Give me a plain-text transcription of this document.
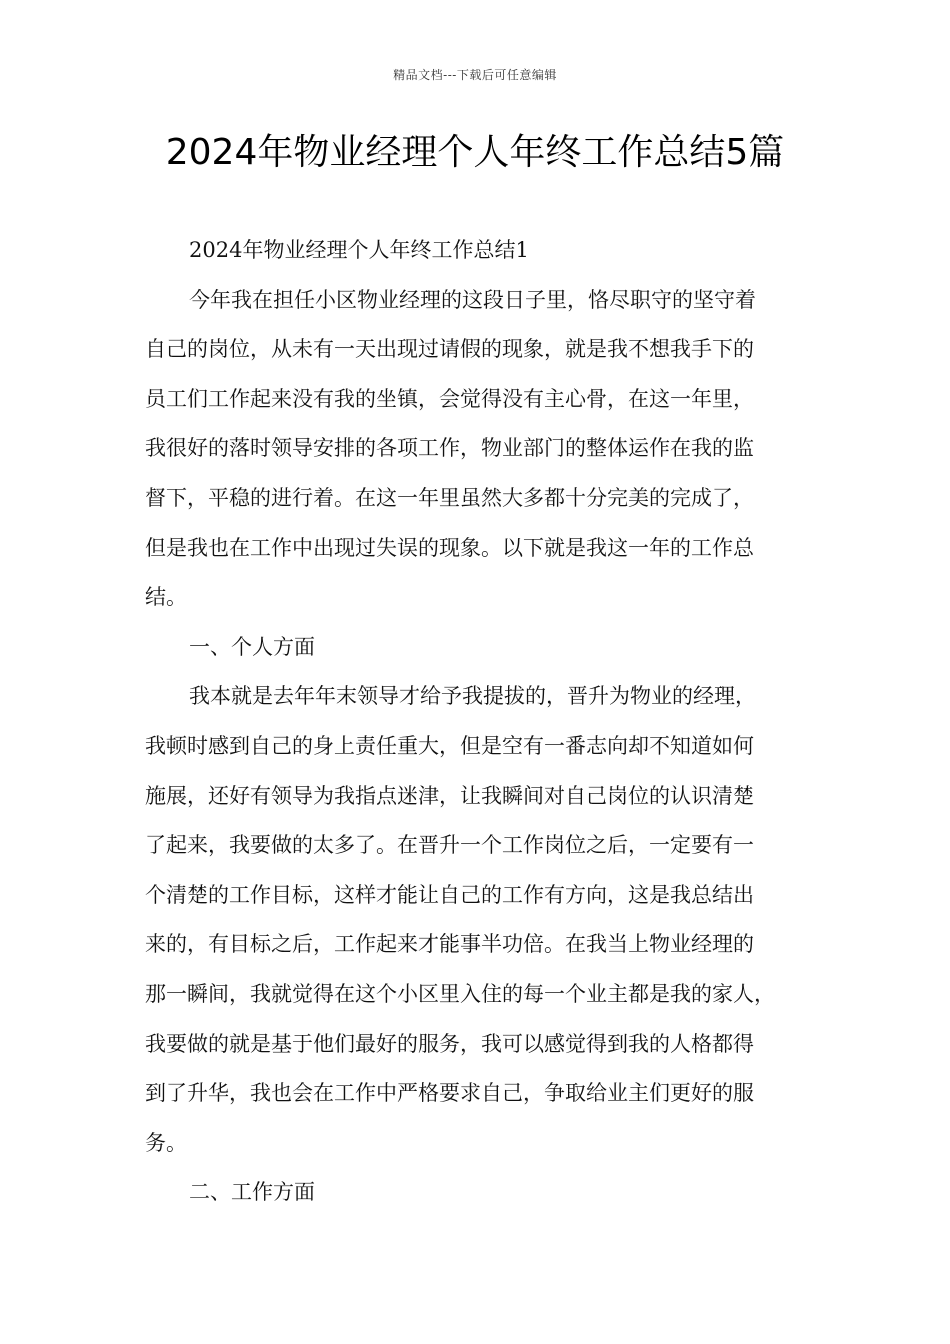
精品文档---下载后可任意编辑
2024年物业经理个人年终工作总结5篇
2024年物业经理个人年终工作总结1
今年我在担任小区物业经理的这段日子里，恪尽职守的坚守着
自己的岗位，从未有一天出现过请假的现象，就是我不想我手下的
员工们工作起来没有我的坐镇，会觉得没有主心骨，在这一年里，
我很好的落时领导安排的各项工作，物业部门的整体运作在我的监
督下，平稳的进行着。在这一年里虽然大多都十分完美的完成了，
但是我也在工作中出现过失误的现象。以下就是我这一年的工作总
结。
一、个人方面
我本就是去年年末领导才给予我提拔的，晋升为物业的经理，
我顿时感到自己的身上责任重大，但是空有一番志向却不知道如何
施展，还好有领导为我指点迷津，让我瞬间对自己岗位的认识清楚
了起来，我要做的太多了。在晋升一个工作岗位之后，一定要有一
个清楚的工作目标，这样才能让自己的工作有方向，这是我总结出
来的，有目标之后，工作起来才能事半功倍。在我当上物业经理的
那一瞬间，我就觉得在这个小区里入住的每一个业主都是我的家人，
我要做的就是基于他们最好的服务，我可以感觉得到我的人格都得
到了升华，我也会在工作中严格要求自己，争取给业主们更好的服
务。
二、工作方面
